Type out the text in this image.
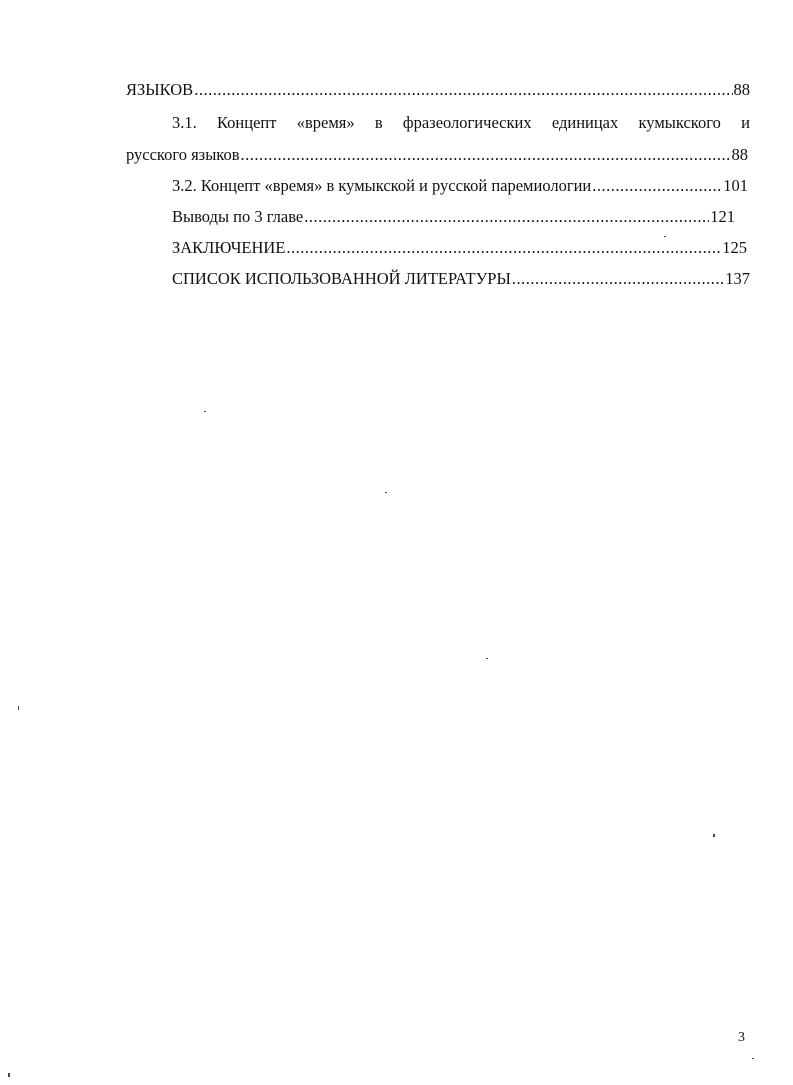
ЯЗЫКОВ .....	88
3.1. Концепт «время» в фразеологических единицах кумыкского и
русского языков .....	88
3.2. Концепт «время» в кумыкской и русской паремиологии .....	101
Выводы по 3 главе .....	121
ЗАКЛЮЧЕНИЕ .....	125
СПИСОК ИСПОЛЬЗОВАННОЙ ЛИТЕРАТУРЫ .....	137
3
